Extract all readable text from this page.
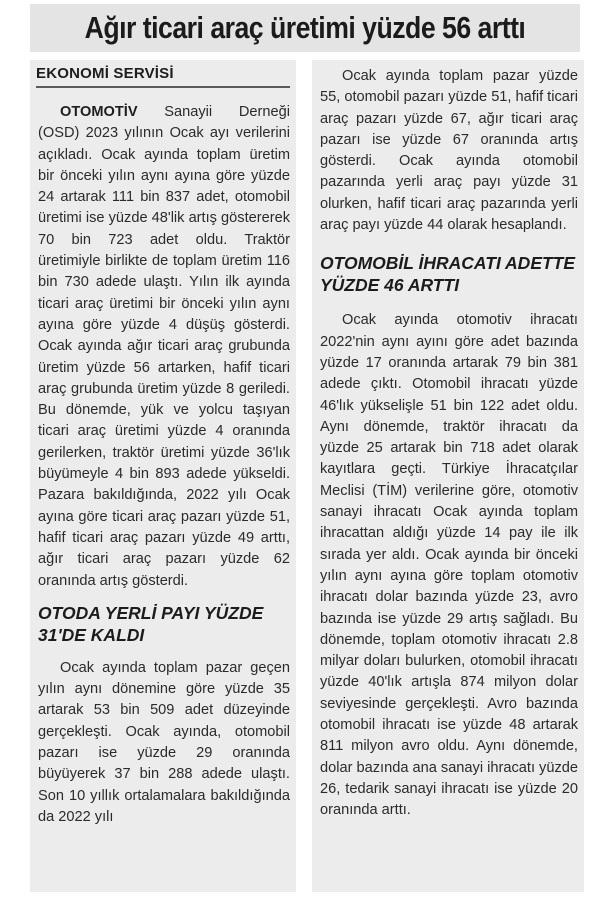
Ağır ticari araç üretimi yüzde 56 arttı
EKONOMİ SERVİSİ

OTOMOTİV Sanayii Derneği (OSD) 2023 yılının Ocak ayı verilerini açıkladı. Ocak ayında toplam üretim bir önceki yılın aynı ayına göre yüzde 24 artarak 111 bin 837 adet, otomobil üretimi ise yüzde 48'lik artış göstererek 70 bin 723 adet oldu. Traktör üretimiyle birlikte de toplam üretim 116 bin 730 adede ulaştı. Yılın ilk ayında ticari araç üretimi bir önceki yılın aynı ayına göre yüzde 4 düşüş gösterdi. Ocak ayında ağır ticari araç grubunda üretim yüzde 56 artarken, hafif ticari araç grubunda üretim yüzde 8 geriledi. Bu dönemde, yük ve yolcu taşıyan ticari araç üretimi yüzde 4 oranında gerilerken, traktör üretimi yüzde 36'lık büyümeyle 4 bin 893 adede yükseldi. Pazara bakıldığında, 2022 yılı Ocak ayına göre ticari araç pazarı yüzde 51, hafif ticari araç pazarı yüzde 49 arttı, ağır ticari araç pazarı yüzde 62 oranında artış gösterdi.

OTODA YERLİ PAYI YÜZDE 31'DE KALDI

Ocak ayında toplam pazar geçen yılın aynı dönemine göre yüzde 35 artarak 53 bin 509 adet düzeyinde gerçekleşti. Ocak ayında, otomobil pazarı ise yüzde 29 oranında büyüyerek 37 bin 288 adede ulaştı. Son 10 yıllık ortalamalara bakıldığında da 2022 yılı

Ocak ayında toplam pazar yüzde 55, otomobil pazarı yüzde 51, hafif ticari araç pazarı yüzde 67, ağır ticari araç pazarı ise yüzde 67 oranında artış gösterdi. Ocak ayında otomobil pazarında yerli araç payı yüzde 31 olurken, hafif ticari araç pazarında yerli araç payı yüzde 44 olarak hesaplandı.

OTOMOBİL İHRACATI ADETTE YÜZDE 46 ARTTI

Ocak ayında otomotiv ihracatı 2022'nin aynı ayını göre adet bazında yüzde 17 oranında artarak 79 bin 381 adede çıktı. Otomobil ihracatı yüzde 46'lık yükselişle 51 bin 122 adet oldu. Aynı dönemde, traktör ihracatı da yüzde 25 artarak bin 718 adet olarak kayıtlara geçti. Türkiye İhracatçılar Meclisi (TİM) verilerine göre, otomotiv sanayi ihracatı Ocak ayında toplam ihracattan aldığı yüzde 14 pay ile ilk sırada yer aldı. Ocak ayında bir önceki yılın aynı ayına göre toplam otomotiv ihracatı dolar bazında yüzde 23, avro bazında ise yüzde 29 artış sağladı. Bu dönemde, toplam otomotiv ihracatı 2.8 milyar doları bulurken, otomobil ihracatı yüzde 40'lık artışla 874 milyon dolar seviyesinde gerçekleşti. Avro bazında otomobil ihracatı ise yüzde 48 artarak 811 milyon avro oldu. Aynı dönemde, dolar bazında ana sanayi ihracatı yüzde 26, tedarik sanayi ihracatı ise yüzde 20 oranında arttı.
